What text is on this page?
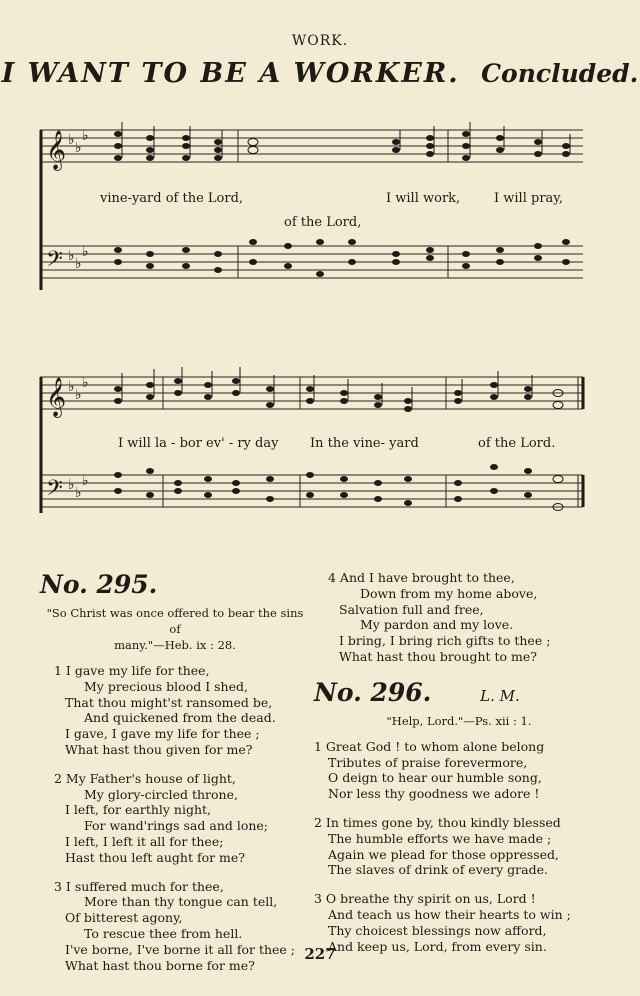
WORK.
I WANT TO BE A WORKER. Concluded.
𝄞
𝄢
♭ ♭
♭
♭ ♭
♭
vine-yard of the Lord,	I will work,	I will pray,
of the Lord,
𝄞
𝄢
♭ ♭
♭
♭ ♭
♭
I will la - bor ev' - ry day In the vine- yard	of the Lord.
No. 295.
"So Christ was once offered to bear the sins of
many."—Heb. ix : 28.
1 I gave my life for thee,
My precious blood I shed,
That thou might'st ransomed be,
And quickened from the dead.
I gave, I gave my life for thee ;
What hast thou given for me?
2 My Father's house of light,
My glory-circled throne,
I left, for earthly night,
For wand'rings sad and lone;
I left, I left it all for thee;
Hast thou left aught for me?
3 I suffered much for thee,
More than thy tongue can tell,
Of bitterest agony,
To rescue thee from hell.
I've borne, I've borne it all for thee ;
What hast thou borne for me?
4 And I have brought to thee,
Down from my home above,
Salvation full and free,
My pardon and my love.
I bring, I bring rich gifts to thee ;
What hast thou brought to me?
No. 296.	L. M.
"Help, Lord."—Ps. xii : 1.
1 Great God ! to whom alone belong
Tributes of praise forevermore,
O deign to hear our humble song,
Nor less thy goodness we adore !
2 In times gone by, thou kindly blessed
The humble efforts we have made ;
Again we plead for those oppressed,
The slaves of drink of every grade.
3 O breathe thy spirit on us, Lord !
And teach us how their hearts to win ;
Thy choicest blessings now afford,
And keep us, Lord, from every sin.
227
